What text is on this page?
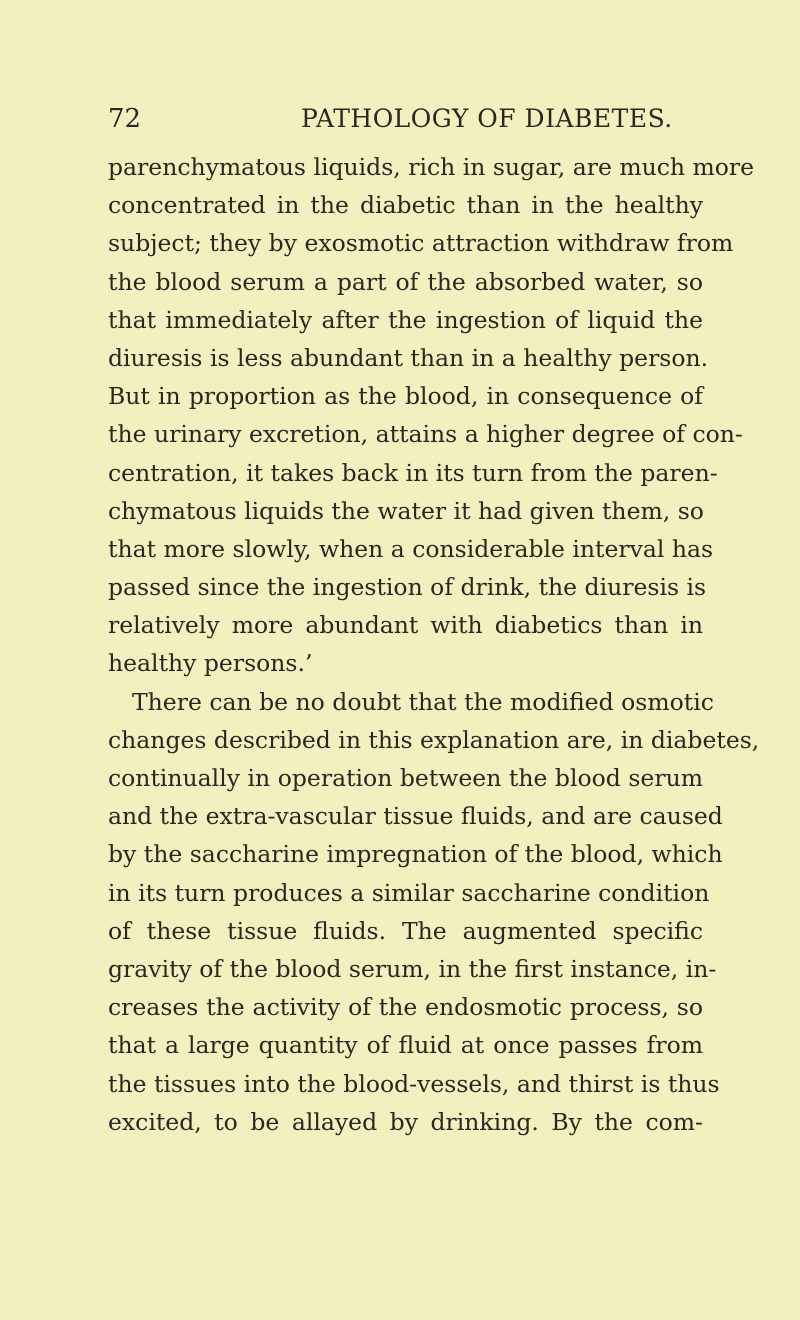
72	PATHOLOGY OF DIABETES.
parenchymatous liquids, rich in sugar, are much more
concentrated in the diabetic than in the healthy
subject; they by exosmotic attraction withdraw from
the blood serum a part of the absorbed water, so
that immediately after the ingestion of liquid the
diuresis is less abundant than in a healthy person.
But in proportion as the blood, in consequence of
the urinary excretion, attains a higher degree of con-
centration, it takes back in its turn from the paren-
chymatous liquids the water it had given them, so
that more slowly, when a considerable interval has
passed since the ingestion of drink, the diuresis is
relatively more abundant with diabetics than in
healthy persons.’
There can be no doubt that the modified osmotic
changes described in this explanation are, in diabetes,
continually in operation between the blood serum
and the extra-vascular tissue fluids, and are caused
by the saccharine impregnation of the blood, which
in its turn produces a similar saccharine condition
of these tissue fluids. The augmented specific
gravity of the blood serum, in the first instance, in-
creases the activity of the endosmotic process, so
that a large quantity of fluid at once passes from
the tissues into the blood-vessels, and thirst is thus
excited, to be allayed by drinking. By the com-
